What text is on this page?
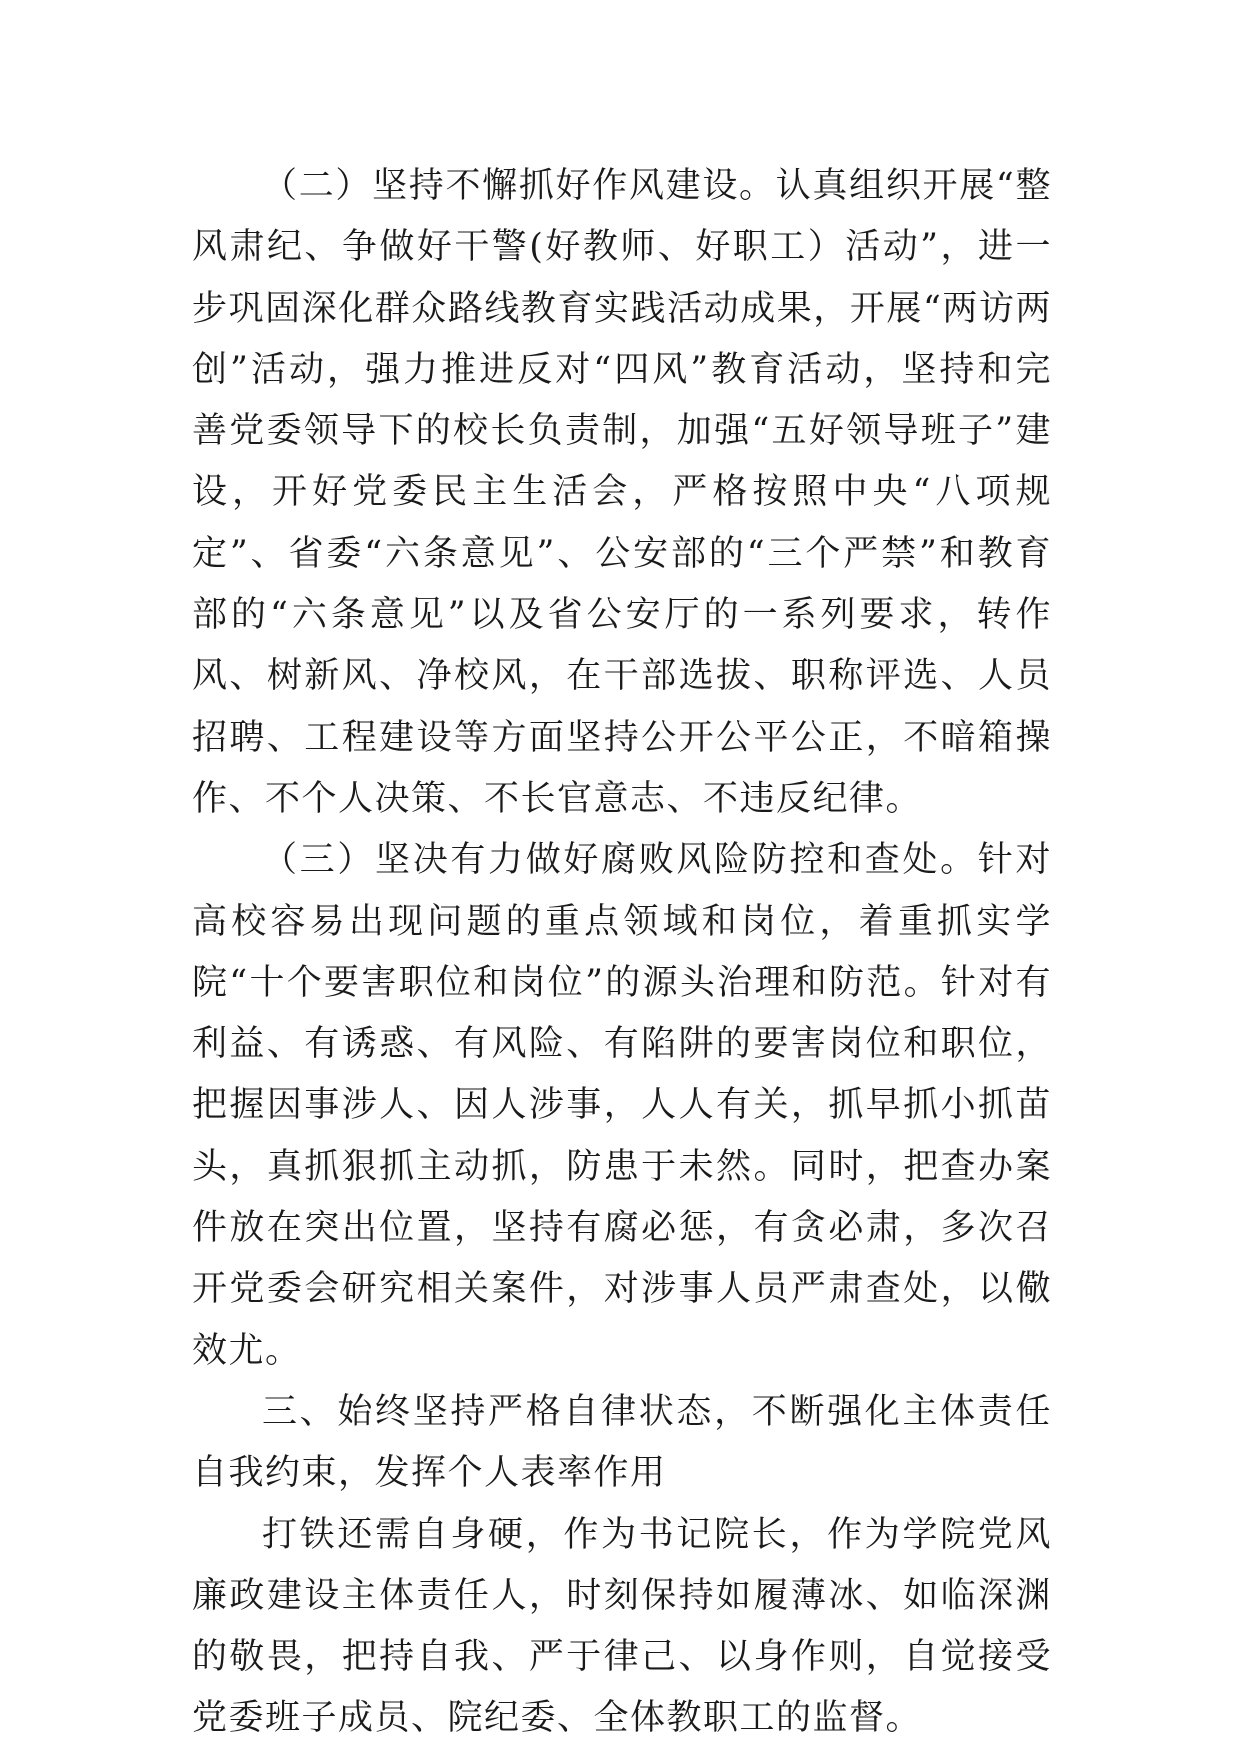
（二）坚持不懈抓好作风建设。认真组织开展“整风肃纪、争做好干警(好教师、好职工）活动”，进一步巩固深化群众路线教育实践活动成果，开展“两访两创”活动，强力推进反对“四风”教育活动，坚持和完善党委领导下的校长负责制，加强“五好领导班子”建设，开好党委民主生活会，严格按照中央“八项规定”、省委“六条意见”、公安部的“三个严禁”和教育部的“六条意见”以及省公安厅的一系列要求，转作风、树新风、净校风，在干部选拔、职称评选、人员招聘、工程建设等方面坚持公开公平公正，不暗箱操作、不个人决策、不长官意志、不违反纪律。

（三）坚决有力做好腐败风险防控和查处。针对高校容易出现问题的重点领域和岗位，着重抓实学院“十个要害职位和岗位”的源头治理和防范。针对有利益、有诱惑、有风险、有陷阱的要害岗位和职位，把握因事涉人、因人涉事，人人有关，抓早抓小抓苗头，真抓狠抓主动抓，防患于未然。同时，把查办案件放在突出位置，坚持有腐必惩，有贪必肃，多次召开党委会研究相关案件，对涉事人员严肃查处，以儆效尤。

三、始终坚持严格自律状态，不断强化主体责任自我约束，发挥个人表率作用

打铁还需自身硬，作为书记院长，作为学院党风廉政建设主体责任人，时刻保持如履薄冰、如临深渊的敬畏，把持自我、严于律己、以身作则，自觉接受党委班子成员、院纪委、全体教职工的监督。
